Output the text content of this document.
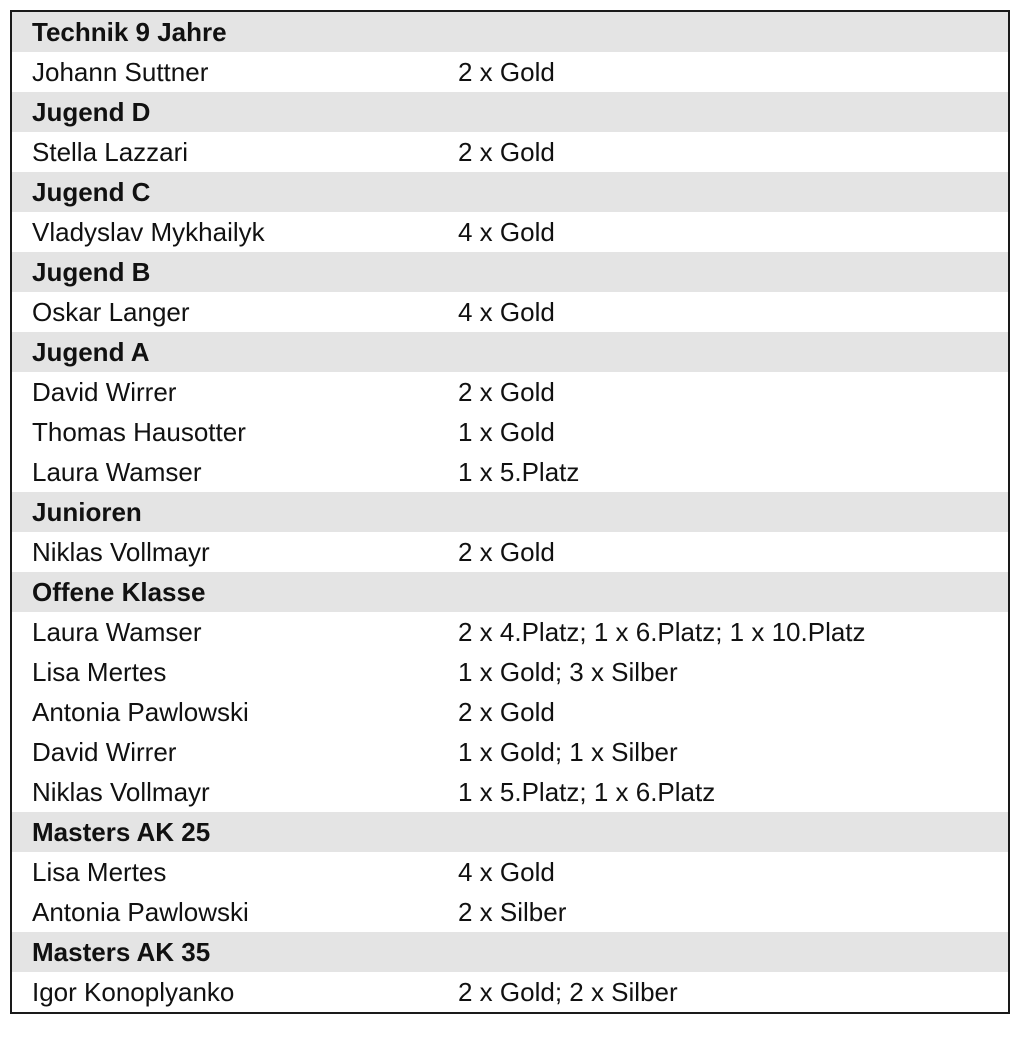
Technik 9 Jahre	
Johann Suttner	2 x Gold
Jugend D	
Stella Lazzari	2 x Gold
Jugend C	
Vladyslav Mykhailyk	4 x Gold
Jugend B	
Oskar Langer	4 x Gold
Jugend A	
David Wirrer	2 x Gold
Thomas Hausotter	1 x Gold
Laura Wamser	1 x 5.Platz
Junioren	
Niklas Vollmayr	2 x Gold
Offene Klasse	
Laura Wamser	2 x 4.Platz; 1 x 6.Platz; 1 x 10.Platz
Lisa Mertes	1 x Gold; 3 x Silber
Antonia Pawlowski	2 x Gold
David Wirrer	1 x Gold; 1 x Silber
Niklas Vollmayr	1 x 5.Platz; 1 x 6.Platz
Masters AK 25	
Lisa Mertes	4 x Gold
Antonia Pawlowski	2 x Silber
Masters AK 35	
Igor Konoplyanko	2 x Gold; 2 x Silber
